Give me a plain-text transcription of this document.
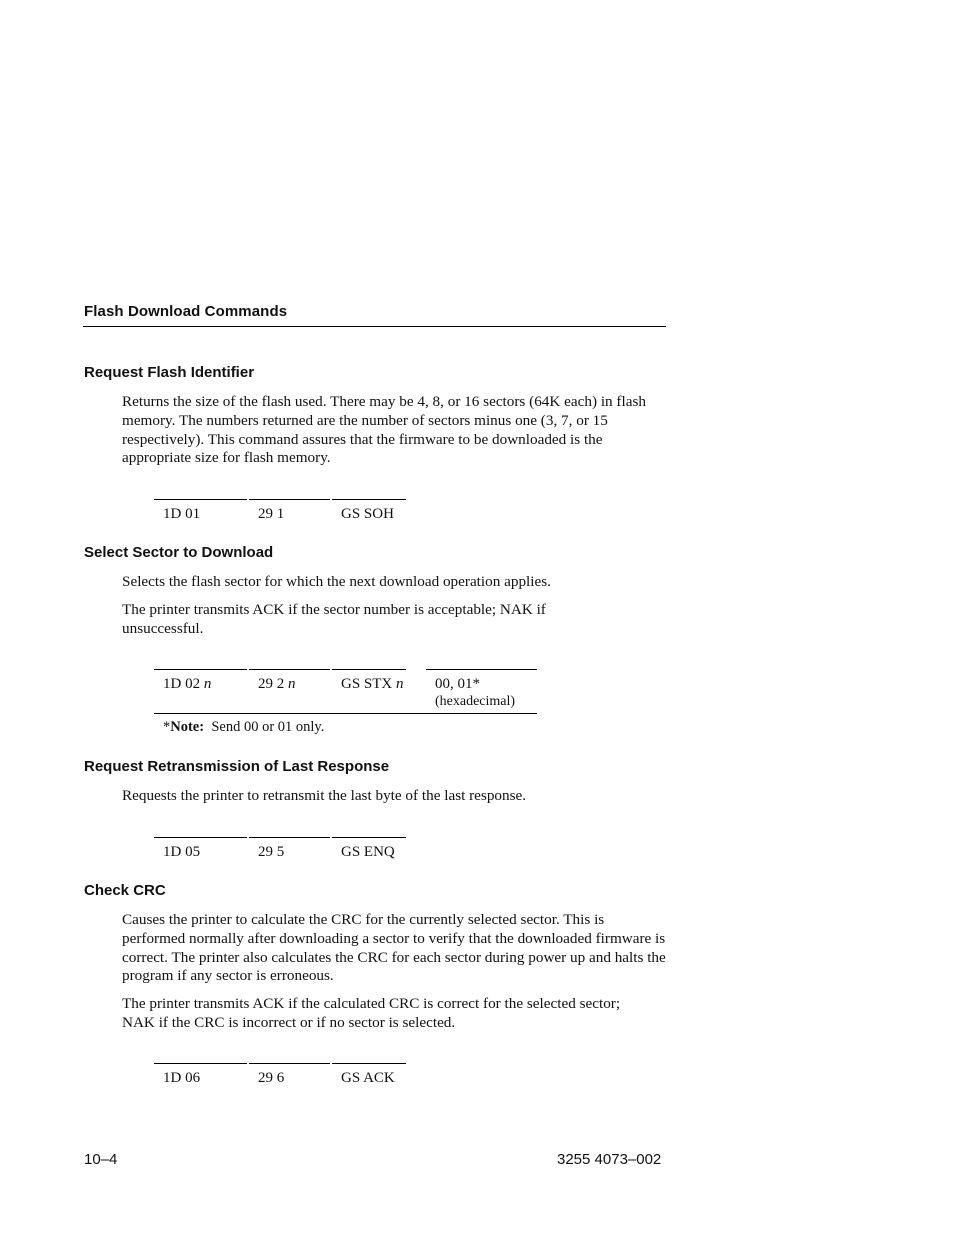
Flash Download Commands
Request Flash Identifier

Returns the size of the flash used. There may be 4, 8, or 16 sectors (64K each) in flash memory. The numbers returned are the number of sectors minus one (3, 7, or 15 respectively). This command assures that the firmware to be downloaded is the appropriate size for flash memory.

1D 01	29 1	GS SOH
Select Sector to Download

Selects the flash sector for which the next download operation applies.

The printer transmits ACK if the sector number is acceptable; NAK if unsuccessful.

1D 02 n	29 2 n	GS STX n	00, 01*
(hexadecimal)
*Note: Send 00 or 01 only.
Request Retransmission of Last Response

Requests the printer to retransmit the last byte of the last response.

1D 05	29 5	GS ENQ
Check CRC

Causes the printer to calculate the CRC for the currently selected sector. This is performed normally after downloading a sector to verify that the downloaded firmware is correct. The printer also calculates the CRC for each sector during power up and halts the program if any sector is erroneous.

The printer transmits ACK if the calculated CRC is correct for the selected sector; NAK if the CRC is incorrect or if no sector is selected.

1D 06	29 6	GS ACK
10–4	3255 4073–002
